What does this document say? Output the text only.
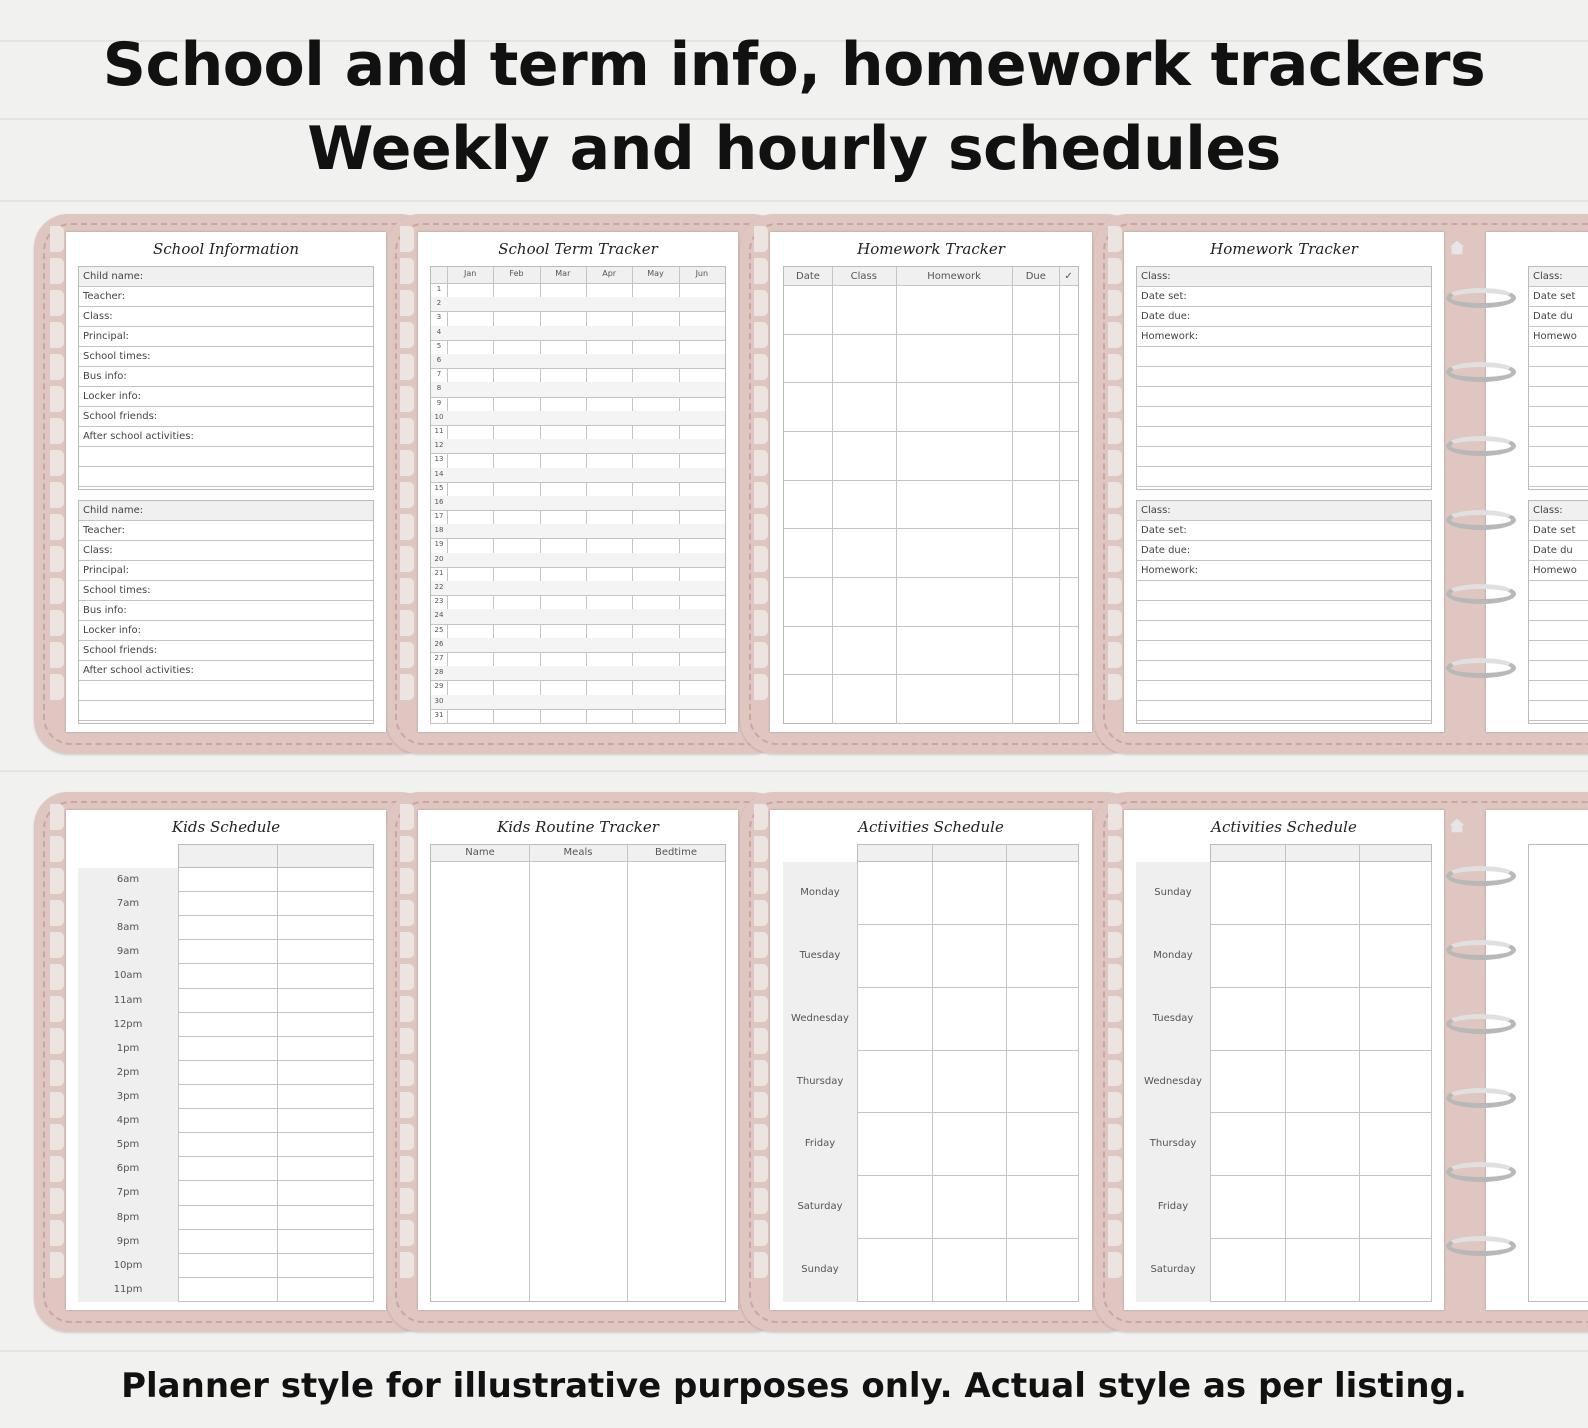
School and term info, homework trackers
Weekly and hourly schedules
School Information
Child name:
Teacher:
Class:
Principal:
School times:
Bus info:
Locker info:
School friends:
After school activities:
Child name:
Teacher:
Class:
Principal:
School times:
Bus info:
Locker info:
School friends:
After school activities:
School Term Tracker
Jan	Feb	Mar	Apr	May	Jun
1
2
3
4
5
6
7
8
9
10
11
12
13
14
15
16
17
18
19
20
21
22
23
24
25
26
27
28
29
30
31
Homework Tracker
Date	Class	Homework	Due	✓
Homework Tracker
Class:
Date set:
Date due:
Homework:
Class:
Date set:
Date due:
Homework:
Class:
Date set
Date du
Homewo
Class:
Date set
Date du
Homewo
Kids Schedule
6am
7am
8am
9am
10am
11am
12pm
1pm
2pm
3pm
4pm
5pm
6pm
7pm
8pm
9pm
10pm
11pm
Kids Routine Tracker
Name	Meals	Bedtime
Activities Schedule
Monday
Tuesday
Wednesday
Thursday
Friday
Saturday
Sunday
Activities Schedule
Sunday
Monday
Tuesday
Wednesday
Thursday
Friday
Saturday
Planner style for illustrative purposes only. Actual style as per listing.
